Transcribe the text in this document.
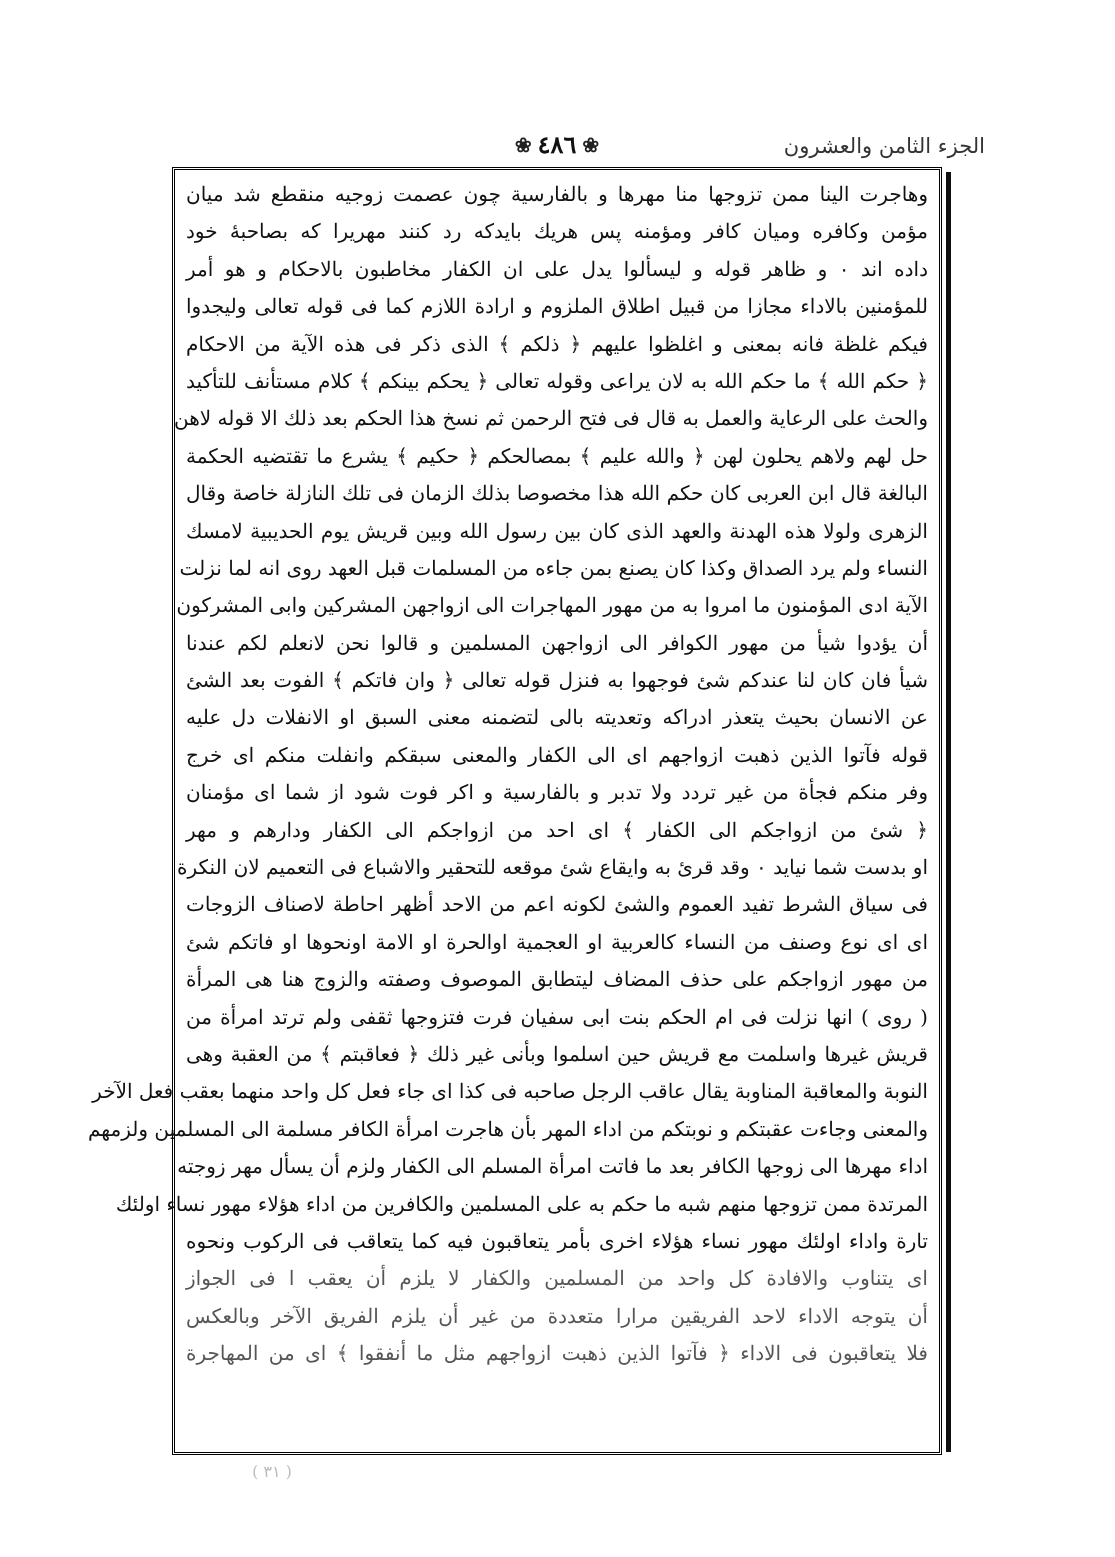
الجزء الثامن والعشرون
❀ ٤٨٦ ❀
وهاجرت الينا ممن تزوجها منا مهرها و بالفارسية چون عصمت زوجيه منقطع شد ميان
مؤمن وكافره وميان كافر ومؤمنه پس هريك بايدكه رد كنند مهريرا كه بصاحبهٔ خود
داده اند ٠ و ظاهر قوله و ليسألوا يدل على ان الكفار مخاطبون بالاحكام و هو أمر
للمؤمنين بالاداء مجازا من قبيل اطلاق الملزوم و ارادة اللازم كما فى قوله تعالى وليجدوا
فيكم غلظة فانه بمعنى و اغلظوا عليهم ﴿ ذلكم ﴾ الذى ذكر فى هذه الآية من الاحكام
﴿ حكم الله ﴾ ما حكم الله به لان يراعى وقوله تعالى ﴿ يحكم بينكم ﴾ كلام مستأنف للتأكيد
والحث على الرعاية والعمل به قال فى فتح الرحمن ثم نسخ هذا الحكم بعد ذلك الا قوله لاهن
حل لهم ولاهم يحلون لهن ﴿ والله عليم ﴾ بمصالحكم ﴿ حكيم ﴾ يشرع ما تقتضيه الحكمة
البالغة قال ابن العربى كان حكم الله هذا مخصوصا بذلك الزمان فى تلك النازلة خاصة وقال
الزهرى ولولا هذه الهدنة والعهد الذى كان بين رسول الله وبين قريش يوم الحديبية لامسك
النساء ولم يرد الصداق وكذا كان يصنع بمن جاءه من المسلمات قبل العهد روى انه لما نزلت
الآية ادى المؤمنون ما امروا به من مهور المهاجرات الى ازواجهن المشركين وابى المشركون
أن يؤدوا شيأ من مهور الكوافر الى ازواجهن المسلمين و قالوا نحن لانعلم لكم عندنا
شيأ فان كان لنا عندكم شئ فوجهوا به فنزل قوله تعالى ﴿ وان فاتكم ﴾ الفوت بعد الشئ
عن الانسان بحيث يتعذر ادراكه وتعديته بالى لتضمنه معنى السبق او الانفلات دل عليه
قوله فآتوا الذين ذهبت ازواجهم اى الى الكفار والمعنى سبقكم وانفلت منكم اى خرج
وفر منكم فجأة من غير تردد ولا تدبر و بالفارسية و اكر فوت شود از شما اى مؤمنان
﴿ شئ من ازواجكم الى الكفار ﴾ اى احد من ازواجكم الى الكفار ودارهم و مهر
او بدست شما نيايد ٠ وقد قرئ به وايقاع شئ موقعه للتحقير والاشباع فى التعميم لان النكرة
فى سياق الشرط تفيد العموم والشئ لكونه اعم من الاحد أظهر احاطة لاصناف الزوجات
اى اى نوع وصنف من النساء كالعربية او العجمية اوالحرة او الامة اونحوها او فاتكم شئ
من مهور ازواجكم على حذف المضاف ليتطابق الموصوف وصفته والزوج هنا هى المرأة
( روى ) انها نزلت فى ام الحكم بنت ابى سفيان فرت فتزوجها ثقفى ولم ترتد امرأة من
قريش غيرها واسلمت مع قريش حين اسلموا وبأنى غير ذلك ﴿ فعاقبتم ﴾ من العقبة وهى
النوبة والمعاقبة المناوبة يقال عاقب الرجل صاحبه فى كذا اى جاء فعل كل واحد منهما بعقب فعل الآخر
والمعنى وجاءت عقبتكم و نوبتكم من اداء المهر بأن هاجرت امرأة الكافر مسلمة الى المسلمين ولزمهم
اداء مهرها الى زوجها الكافر بعد ما فاتت امرأة المسلم الى الكفار ولزم أن يسأل مهر زوجته
المرتدة ممن تزوجها منهم شبه ما حكم به على المسلمين والكافرين من اداء هؤلاء مهور نساء اولئك
تارة واداء اولئك مهور نساء هؤلاء اخرى بأمر يتعاقبون فيه كما يتعاقب فى الركوب ونحوه
اى يتناوب والافادة كل واحد من المسلمين والكفار لا يلزم أن يعقب ا فى الجواز
أن يتوجه الاداء لاحد الفريقين مرارا متعددة من غير أن يلزم الفريق الآخر وبالعكس
فلا يتعاقبون فى الاداء ﴿ فآتوا الذين ذهبت ازواجهم مثل ما أنفقوا ﴾ اى من المهاجرة
( ٣١ )
